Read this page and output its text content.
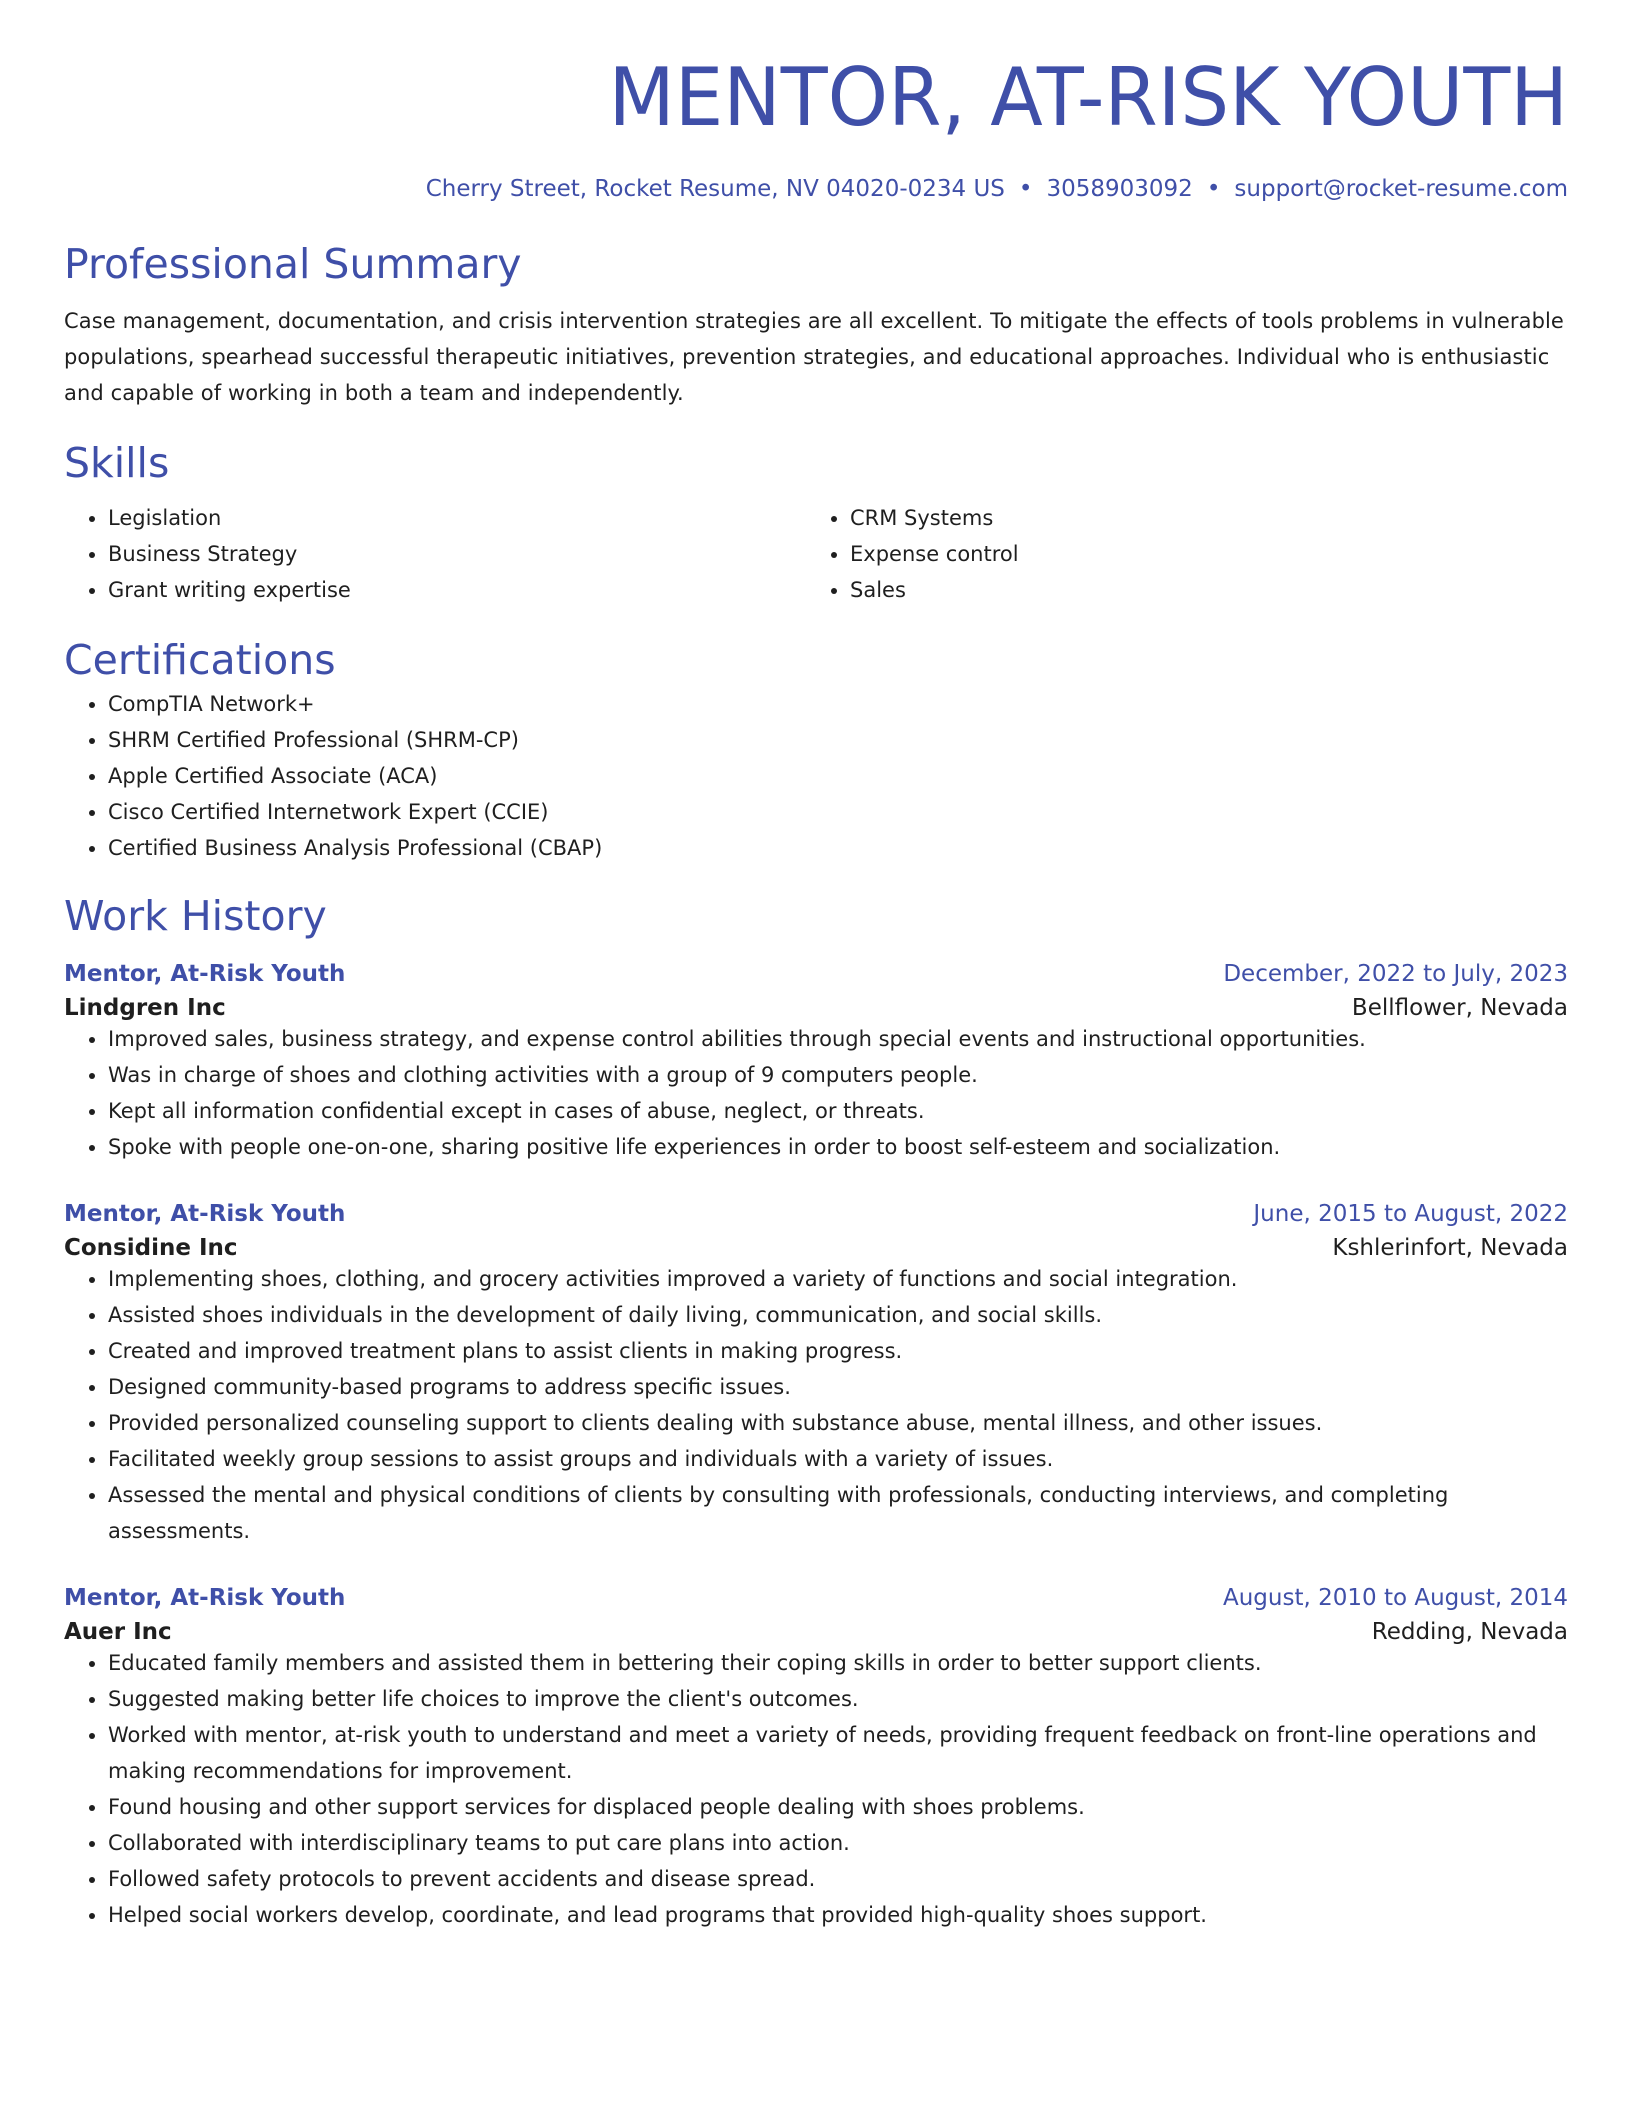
MENTOR, AT-RISK YOUTH
Cherry Street, Rocket Resume, NV 04020-0234 US • 3058903092 • support@rocket-resume.com
Professional Summary
Case management, documentation, and crisis intervention strategies are all excellent. To mitigate the effects of tools problems in vulnerable populations, spearhead successful therapeutic initiatives, prevention strategies, and educational approaches. Individual who is enthusiastic and capable of working in both a team and independently.
Skills
• Legislation
• Business Strategy
• Grant writing expertise
• CRM Systems
• Expense control
• Sales
Certifications
• CompTIA Network+
• SHRM Certified Professional (SHRM-CP)
• Apple Certified Associate (ACA)
• Cisco Certified Internetwork Expert (CCIE)
• Certified Business Analysis Professional (CBAP)
Work History
Mentor, At-Risk Youth	December, 2022 to July, 2023
Lindgren Inc	Bellflower, Nevada
• Improved sales, business strategy, and expense control abilities through special events and instructional opportunities.
• Was in charge of shoes and clothing activities with a group of 9 computers people.
• Kept all information confidential except in cases of abuse, neglect, or threats.
• Spoke with people one-on-one, sharing positive life experiences in order to boost self-esteem and socialization.
Mentor, At-Risk Youth	June, 2015 to August, 2022
Considine Inc	Kshlerinfort, Nevada
• Implementing shoes, clothing, and grocery activities improved a variety of functions and social integration.
• Assisted shoes individuals in the development of daily living, communication, and social skills.
• Created and improved treatment plans to assist clients in making progress.
• Designed community-based programs to address specific issues.
• Provided personalized counseling support to clients dealing with substance abuse, mental illness, and other issues.
• Facilitated weekly group sessions to assist groups and individuals with a variety of issues.
• Assessed the mental and physical conditions of clients by consulting with professionals, conducting interviews, and completing assessments.
Mentor, At-Risk Youth	August, 2010 to August, 2014
Auer Inc	Redding, Nevada
• Educated family members and assisted them in bettering their coping skills in order to better support clients.
• Suggested making better life choices to improve the client's outcomes.
• Worked with mentor, at-risk youth to understand and meet a variety of needs, providing frequent feedback on front-line operations and making recommendations for improvement.
• Found housing and other support services for displaced people dealing with shoes problems.
• Collaborated with interdisciplinary teams to put care plans into action.
• Followed safety protocols to prevent accidents and disease spread.
• Helped social workers develop, coordinate, and lead programs that provided high-quality shoes support.
